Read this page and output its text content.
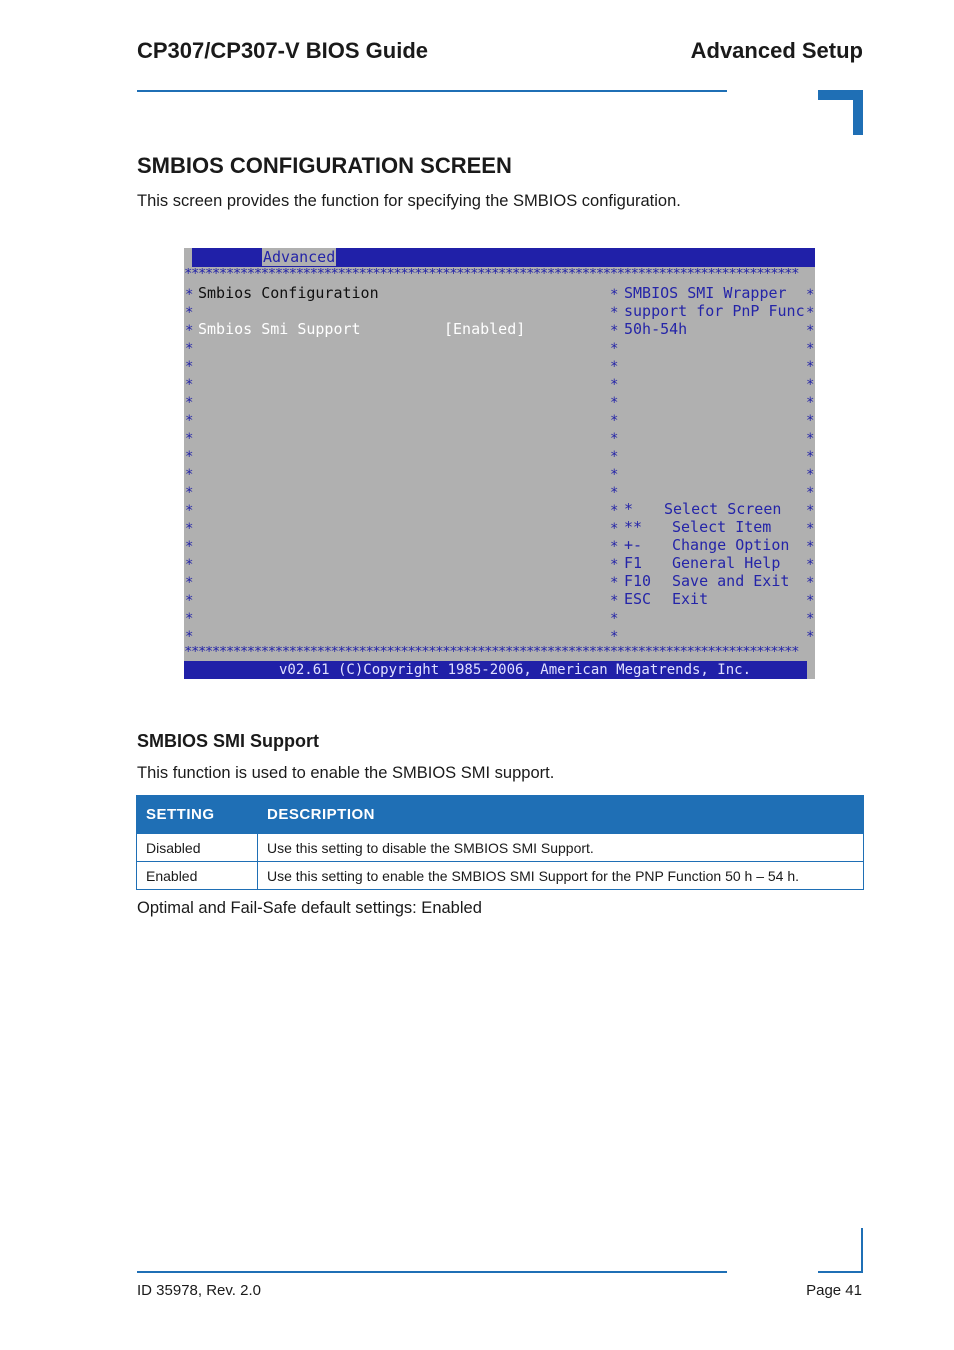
CP307/CP307-V BIOS Guide	Advanced Setup
SMBIOS CONFIGURATION SCREEN
This screen provides the function for specifying the SMBIOS configuration.
Advanced
****************************************************************************************
****************************************************************************************
Smbios Configuration
Smbios Smi Support	[Enabled]
SMBIOS SMI Wrapper
support for PnP Func
50h-54h
* Select Screen
** Select Item
+- Change Option
F1 General Help
F10 Save and Exit
ESC Exit
v02.61 (C)Copyright 1985-2006, American Megatrends, Inc.
*
*
*
*
*
*
*
*
*
*
*
*
*
*
*
*
*
*
*
*
*
*
*
*
*
*
*
*
*
*
*
*
*
*
*
*
*
*
*
*
*
*
*
*
*
*
*
*
*
*
*
*
*
*
*
*
*
*
*
*
SMBIOS SMI Support
This function is used to enable the SMBIOS SMI support.
SETTING	DESCRIPTION
Disabled	Use this setting to disable the SMBIOS SMI Support.
Enabled	Use this setting to enable the SMBIOS SMI Support for the PNP Function 50 h – 54 h.
Optimal and Fail-Safe default settings: Enabled
ID 35978, Rev. 2.0	Page 41
